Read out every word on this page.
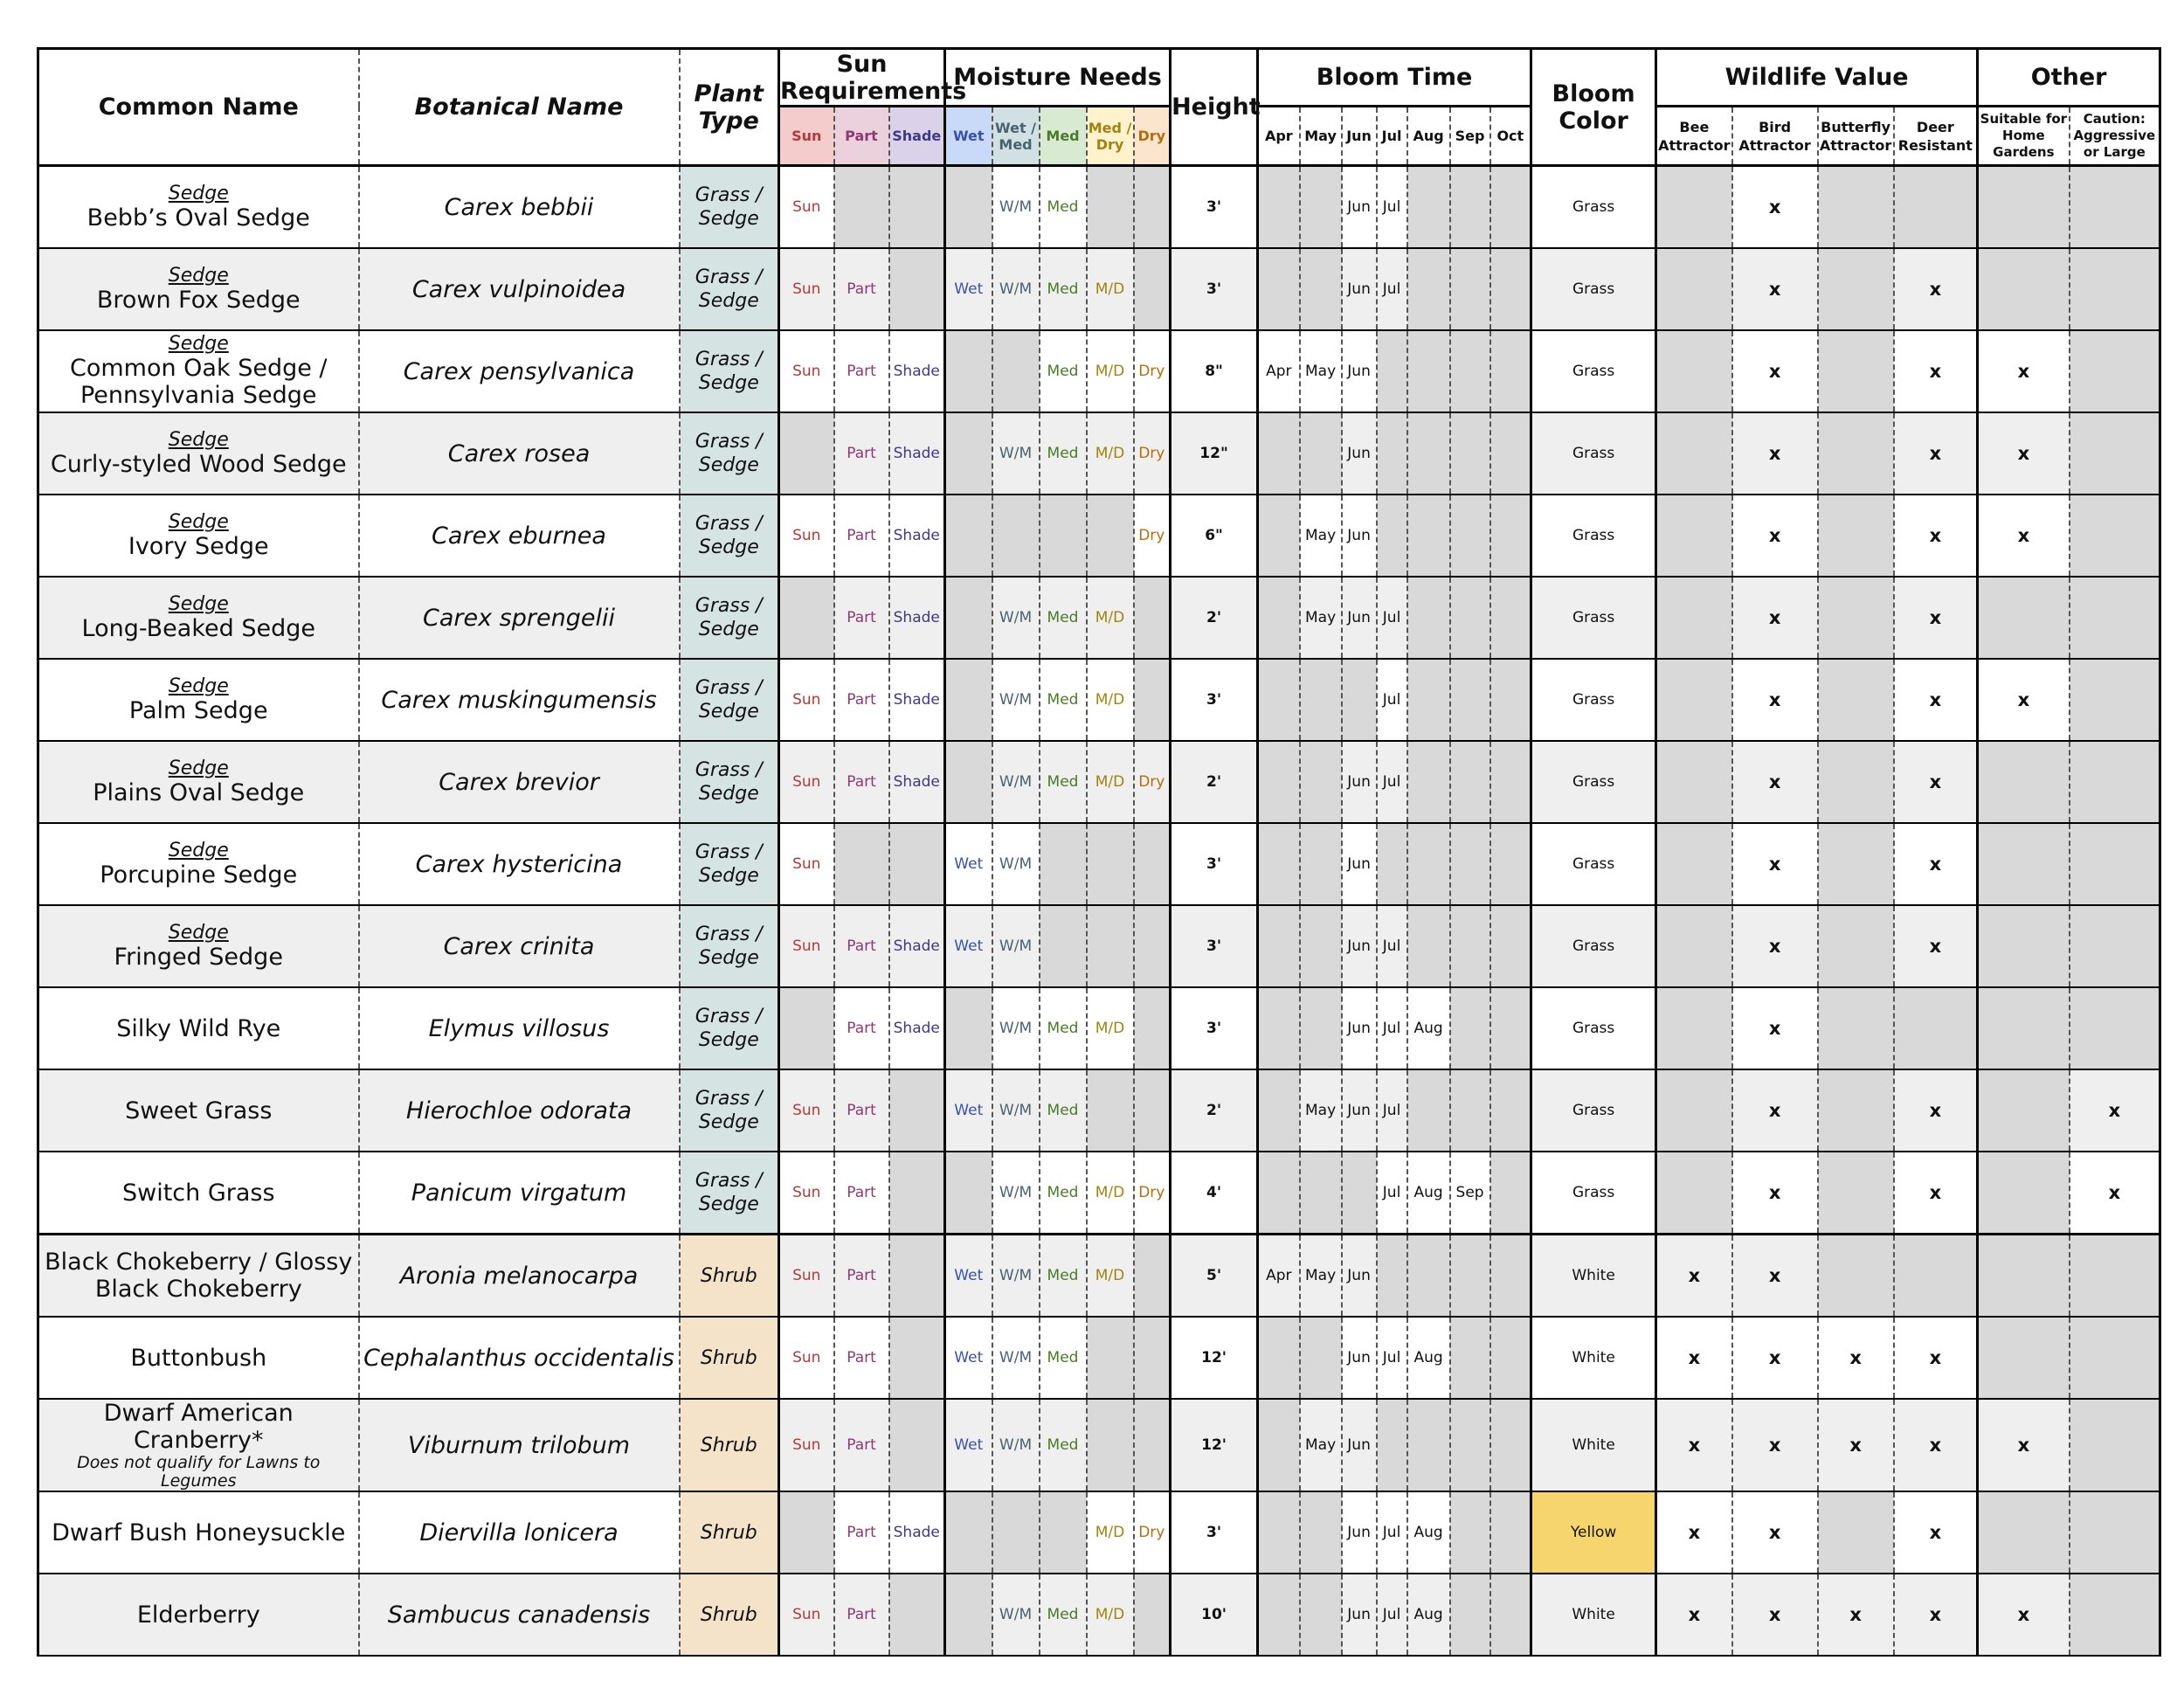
Common Name	Botanical Name	Plant Type	Sun Requirements			Moisture Needs					Height	Bloom Time							Bloom Color	Wildlife Value				Other	
			Sun	Part	Shade	Wet	Wet / Med	Med	Med / Dry	Dry		Apr	May	Jun	Jul	Aug	Sep	Oct		Bee Attractor	Bird Attractor	Butterfly Attractor	Deer Resistant	Suitable for Home Gardens	Caution: Aggressive or Large

Sedge
Bebb’s Oval Sedge	Carex bebbii	Grass / Sedge	Sun				W/M	Med			3'			Jun	Jul				Grass		x				

Sedge
Brown Fox Sedge	Carex vulpinoidea	Grass / Sedge	Sun	Part		Wet	W/M	Med	M/D		3'			Jun	Jul				Grass		x		x		

Sedge
Common Oak Sedge / Pennsylvania Sedge	Carex pensylvanica	Grass / Sedge	Sun	Part	Shade			Med	M/D	Dry	8"	Apr	May	Jun					Grass		x		x	x	

Sedge
Curly-styled Wood Sedge	Carex rosea	Grass / Sedge		Part	Shade		W/M	Med	M/D	Dry	12"			Jun					Grass		x		x	x	

Sedge
Ivory Sedge	Carex eburnea	Grass / Sedge	Sun	Part	Shade					Dry	6"		May	Jun					Grass		x		x	x	

Sedge
Long-Beaked Sedge	Carex sprengelii	Grass / Sedge		Part	Shade		W/M	Med	M/D		2'		May	Jun	Jul				Grass		x		x		

Sedge
Palm Sedge	Carex muskingumensis	Grass / Sedge	Sun	Part	Shade		W/M	Med	M/D		3'				Jul				Grass		x		x	x	

Sedge
Plains Oval Sedge	Carex brevior	Grass / Sedge	Sun	Part	Shade		W/M	Med	M/D	Dry	2'			Jun	Jul				Grass		x		x		

Sedge
Porcupine Sedge	Carex hystericina	Grass / Sedge	Sun			Wet	W/M				3'			Jun					Grass		x		x		

Sedge
Fringed Sedge	Carex crinita	Grass / Sedge	Sun	Part	Shade	Wet	W/M				3'			Jun	Jul				Grass		x		x		
Silky Wild Rye	Elymus villosus	Grass / Sedge		Part	Shade		W/M	Med	M/D		3'			Jun	Jul	Aug			Grass		x				
Sweet Grass	Hierochloe odorata	Grass / Sedge	Sun	Part		Wet	W/M	Med			2'		May	Jun	Jul				Grass		x		x		x
Switch Grass	Panicum virgatum	Grass / Sedge	Sun	Part			W/M	Med	M/D	Dry	4'				Jul	Aug	Sep		Grass		x		x		x
Black Chokeberry / Glossy Black Chokeberry	Aronia melanocarpa	Shrub	Sun	Part		Wet	W/M	Med	M/D		5'	Apr	May	Jun					White	x	x				
Buttonbush	Cephalanthus occidentalis	Shrub	Sun	Part		Wet	W/M	Med			12'			Jun	Jul	Aug			White	x	x	x	x		
Dwarf American Cranberry*
Does not qualify for Lawns to Legumes	Viburnum trilobum	Shrub	Sun	Part		Wet	W/M	Med			12'		May	Jun					White	x	x	x	x	x	
Dwarf Bush Honeysuckle	Diervilla lonicera	Shrub		Part	Shade				M/D	Dry	3'			Jun	Jul	Aug			Yellow	x	x		x		
Elderberry	Sambucus canadensis	Shrub	Sun	Part			W/M	Med	M/D		10'			Jun	Jul	Aug			White	x	x	x	x	x	
